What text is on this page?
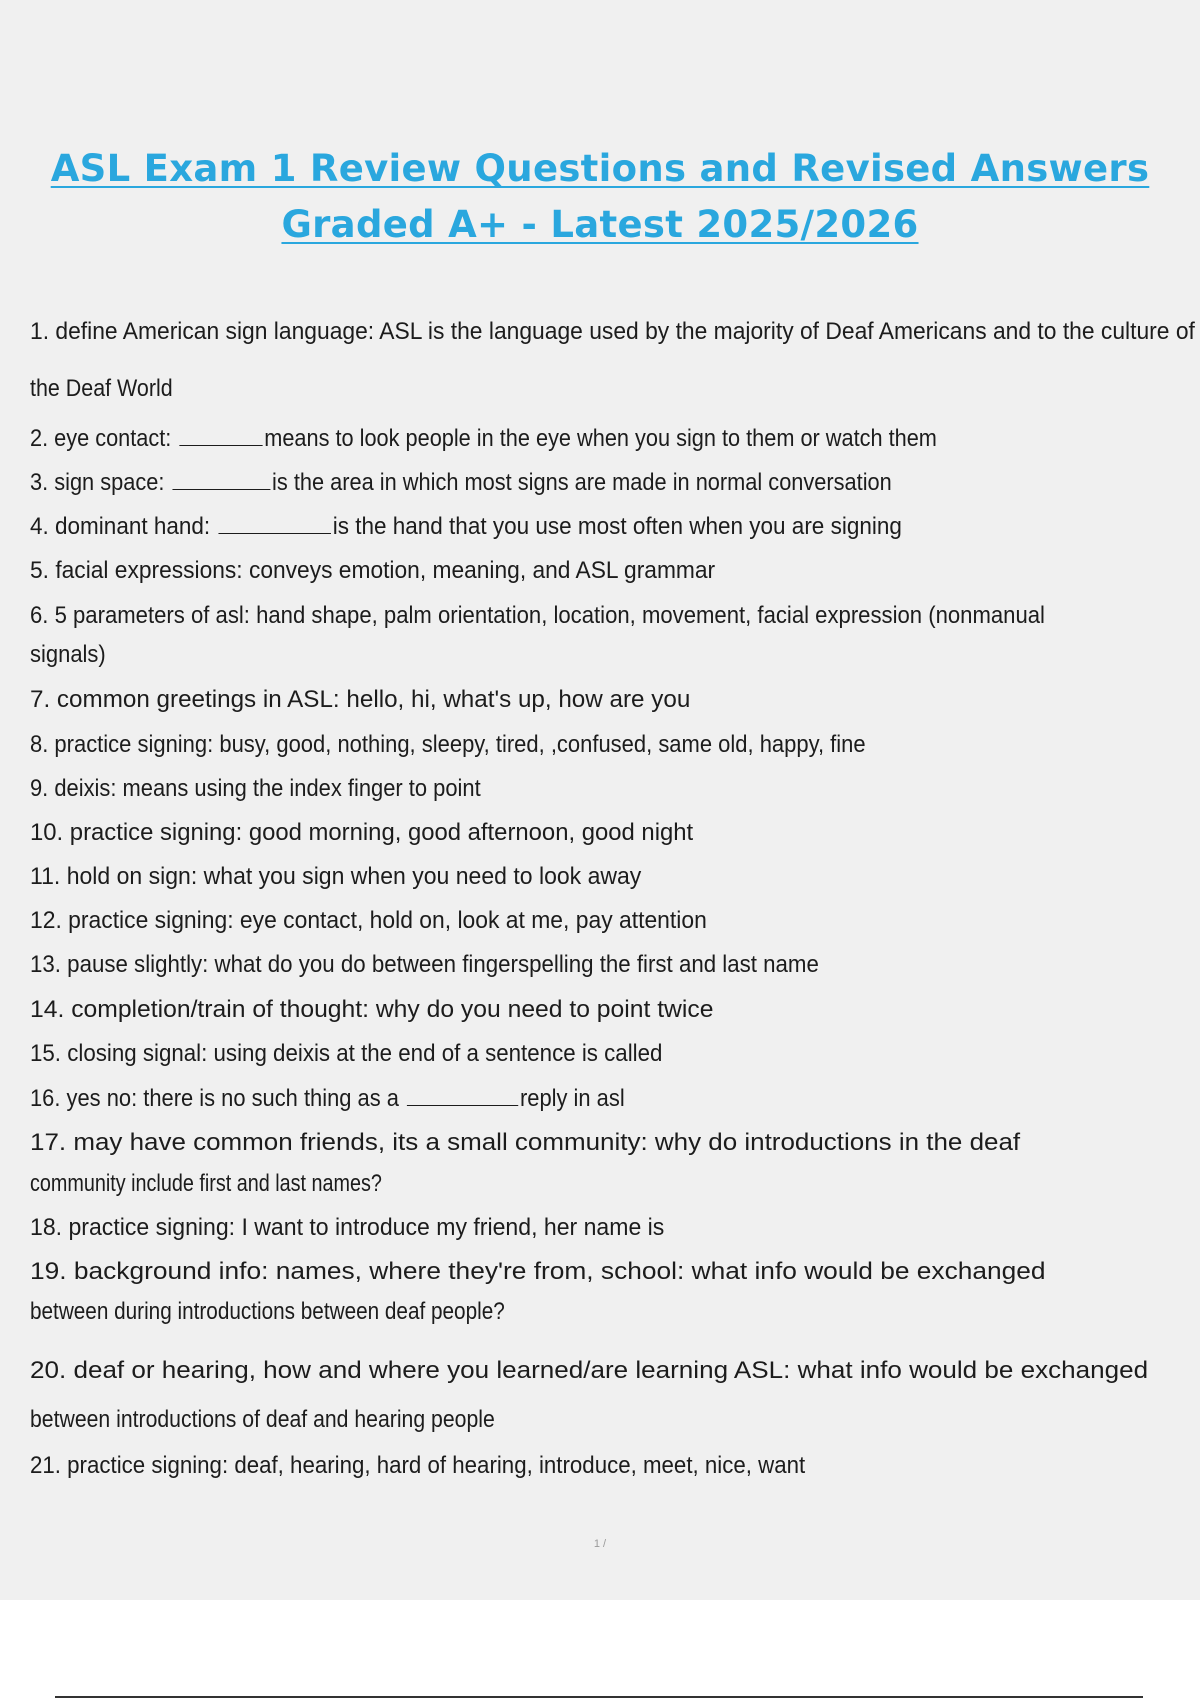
ASL Exam 1 Review Questions and Revised Answers
Graded A+ - Latest 2025/2026
1. define American sign language: ASL is the language used by the majority of Deaf Americans and to the culture of
the Deaf World
2. eye contact:	means to look people in the eye when you sign to them or watch them
3. sign space:	is the area in which most signs are made in normal conversation
4. dominant hand:	is the hand that you use most often when you are signing
5. facial expressions: conveys emotion, meaning, and ASL grammar
6. 5 parameters of asl: hand shape, palm orientation, location, movement, facial expression (nonmanual
signals)
7. common greetings in ASL: hello, hi, what's up, how are you
8. practice signing: busy, good, nothing, sleepy, tired, ,confused, same old, happy, fine
9. deixis: means using the index finger to point
10. practice signing: good morning, good afternoon, good night
11. hold on sign: what you sign when you need to look away
12. practice signing: eye contact, hold on, look at me, pay attention
13. pause slightly: what do you do between fingerspelling the first and last name
14. completion/train of thought: why do you need to point twice
15. closing signal: using deixis at the end of a sentence is called
16. yes no: there is no such thing as a	reply in asl
17. may have common friends, its a small community: why do introductions in the deaf
community include first and last names?
18. practice signing: I want to introduce my friend, her name is
19. background info: names, where they're from, school: what info would be exchanged
between during introductions between deaf people?
20. deaf or hearing, how and where you learned/are learning ASL: what info would be exchanged
between introductions of deaf and hearing people
21. practice signing: deaf, hearing, hard of hearing, introduce, meet, nice, want
1 /
